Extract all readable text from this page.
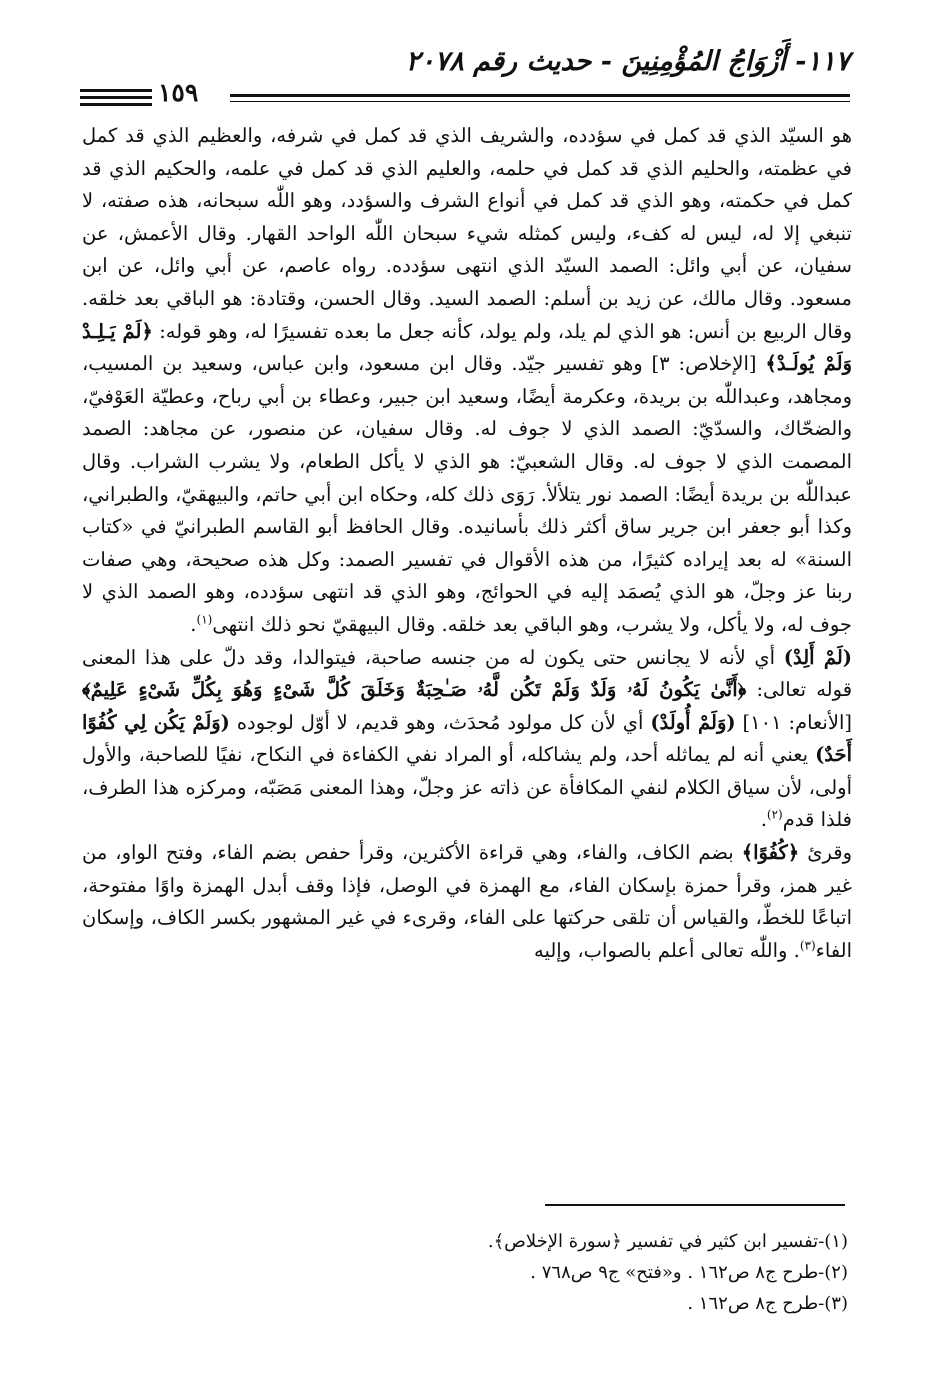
١١٧- أَزْوَاجُ المُؤْمِنِينَ - حديث رقم ٢٠٧٨
١٥٩

هو السيّد الذي قد كمل في سؤدده، والشريف الذي قد كمل في شرفه، والعظيم الذي قد كمل في عظمته، والحليم الذي قد كمل في حلمه، والعليم الذي قد كمل في علمه، والحكيم الذي قد كمل في حكمته، وهو الذي قد كمل في أنواع الشرف والسؤدد، وهو اللّٰه سبحانه، هذه صفته، لا تنبغي إلا له، ليس له كفء، وليس كمثله شيء سبحان اللّٰه الواحد القهار. وقال الأعمش، عن سفيان، عن أبي وائل: الصمد السيّد الذي انتهى سؤدده. رواه عاصم، عن أبي وائل، عن ابن مسعود. وقال مالك، عن زيد بن أسلم: الصمد السيد. وقال الحسن، وقتادة: هو الباقي بعد خلقه. وقال الربيع بن أنس: هو الذي لم يلد، ولم يولد، كأنه جعل ما بعده تفسيرًا له، وهو قوله: ﴿لَمْ يَـلِـدْ وَلَمْ يُولَـدْ﴾ [الإخلاص: ٣] وهو تفسير جيّد. وقال ابن مسعود، وابن عباس، وسعيد بن المسيب، ومجاهد، وعبداللّٰه بن بريدة، وعكرمة أيضًا، وسعيد ابن جبير، وعطاء بن أبي رباح، وعطيّة العَوْفيّ، والضحّاك، والسدّيّ: الصمد الذي لا جوف له. وقال سفيان، عن منصور، عن مجاهد: الصمد المصمت الذي لا جوف له. وقال الشعبيّ: هو الذي لا يأكل الطعام، ولا يشرب الشراب. وقال عبداللّٰه بن بريدة أيضًا: الصمد نور يتلألأ. رَوَى ذلك كله، وحكاه ابن أبي حاتم، والبيهقيّ، والطبراني، وكذا أبو جعفر ابن جرير ساق أكثر ذلك بأسانيده. وقال الحافظ أبو القاسم الطبرانيّ في «كتاب السنة» له بعد إيراده كثيرًا، من هذه الأقوال في تفسير الصمد: وكل هذه صحيحة، وهي صفات ربنا عز وجلّ، هو الذي يُصمَد إليه في الحوائج، وهو الذي قد انتهى سؤدده، وهو الصمد الذي لا جوف له، ولا يأكل، ولا يشرب، وهو الباقي بعد خلقه. وقال البيهقيّ نحو ذلك انتهى$^{(١)}$.

(لَمْ أَلِدْ) أي لأنه لا يجانس حتى يكون له من جنسه صاحبة، فيتوالدا، وقد دلّ على هذا المعنى قوله تعالى: ﴿أَنَّىٰ يَكُونُ لَهُۥ وَلَدٌ وَلَمْ تَكُن لَّهُۥ صَـٰحِبَةٌ وَخَلَقَ كُلَّ شَىْءٍ وَهُوَ بِكُلِّ شَىْءٍ عَلِيمٌ﴾ [الأنعام: ١٠١] (وَلَمْ أُولَدْ) أي لأن كل مولود مُحدَث، وهو قديم، لا أوّل لوجوده (وَلَمْ يَكُن لِي كُفُوًا أَحَدٌ) يعني أنه لم يماثله أحد، ولم يشاكله، أو المراد نفي الكفاءة في النكاح، نفيًا للصاحبة، والأول أولى، لأن سياق الكلام لنفي المكافأة عن ذاته عز وجلّ، وهذا المعنى مَصَبّه، ومركزه هذا الطرف، فلذا قدم$^{(٢)}$.

وقرئ ﴿كُفُوًا﴾ بضم الكاف، والفاء، وهي قراءة الأكثرين، وقرأ حفص بضم الفاء، وفتح الواو، من غير همز، وقرأ حمزة بإسكان الفاء، مع الهمزة في الوصل، فإذا وقف أبدل الهمزة واوًا مفتوحة، اتباعًا للخطّ، والقياس أن تلقى حركتها على الفاء، وقرىء في غير المشهور بكسر الكاف، وإسكان الفاء$^{(٣)}$. واللّٰه تعالى أعلم بالصواب، وإليه

(١)-تفسير ابن كثير في تفسير ﴿سورة الإخلاص﴾.
(٢)-طرح ج٨ ص١٦٢ . و«فتح» ج٩ ص٧٦٨ .
(٣)-طرح ج٨ ص١٦٢ .
